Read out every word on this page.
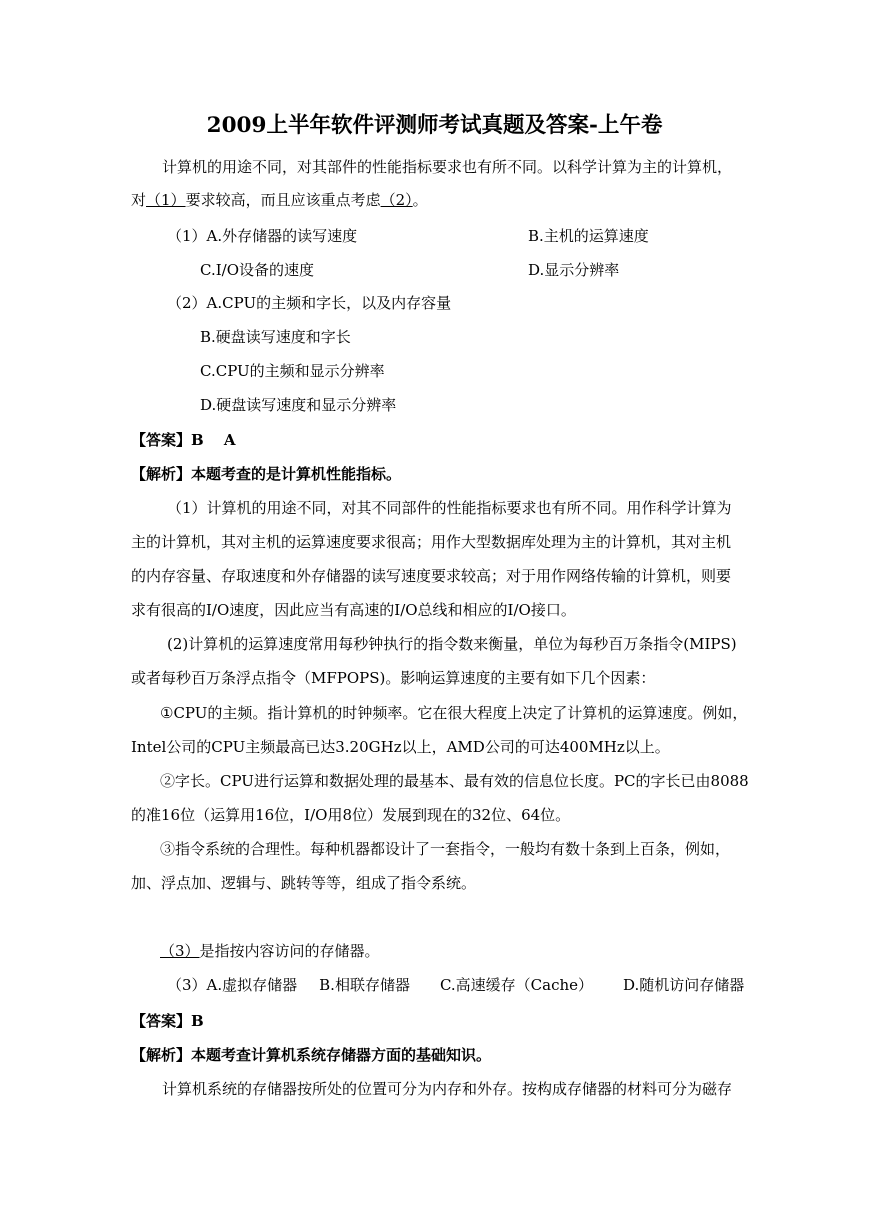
2009上半年软件评测师考试真题及答案-上午卷
计算机的用途不同，对其部件的性能指标要求也有所不同。以科学计算为主的计算机，
对（1）要求较高，而且应该重点考虑（2）。
（1）A.外存储器的读写速度	B.主机的运算速度
C.I/O设备的速度	D.显示分辨率
（2）A.CPU的主频和字长，以及内存容量
B.硬盘读写速度和字长
C.CPU的主频和显示分辨率
D.硬盘读写速度和显示分辨率
【答案】B　 A
【解析】本题考查的是计算机性能指标。
（1）计算机的用途不同，对其不同部件的性能指标要求也有所不同。用作科学计算为
主的计算机，其对主机的运算速度要求很高；用作大型数据库处理为主的计算机，其对主机
的内存容量、存取速度和外存储器的读写速度要求较高；对于用作网络传输的计算机，则要
求有很高的I/O速度，因此应当有高速的I/O总线和相应的I/O接口。
(2)计算机的运算速度常用每秒钟执行的指令数来衡量，单位为每秒百万条指令(MIPS)
或者每秒百万条浮点指令（MFPOPS)。影响运算速度的主要有如下几个因素：
①CPU的主频。指计算机的时钟频率。它在很大程度上决定了计算机的运算速度。例如，
Intel公司的CPU主频最高已达3.20GHz以上，AMD公司的可达400MHz以上。
②字长。CPU进行运算和数据处理的最基本、最有效的信息位长度。PC的字长已由8088
的准16位（运算用16位，I/O用8位）发展到现在的32位、64位。
③指令系统的合理性。每种机器都设计了一套指令，一般均有数十条到上百条，例如，
加、浮点加、逻辑与、跳转等等，组成了指令系统。
（3）是指按内容访问的存储器。
（3）A.虚拟存储器 B.相联存储器 C.高速缓存（Cache） D.随机访问存储器
【答案】B
【解析】本题考查计算机系统存储器方面的基础知识。
计算机系统的存储器按所处的位置可分为内存和外存。按构成存储器的材料可分为磁存
